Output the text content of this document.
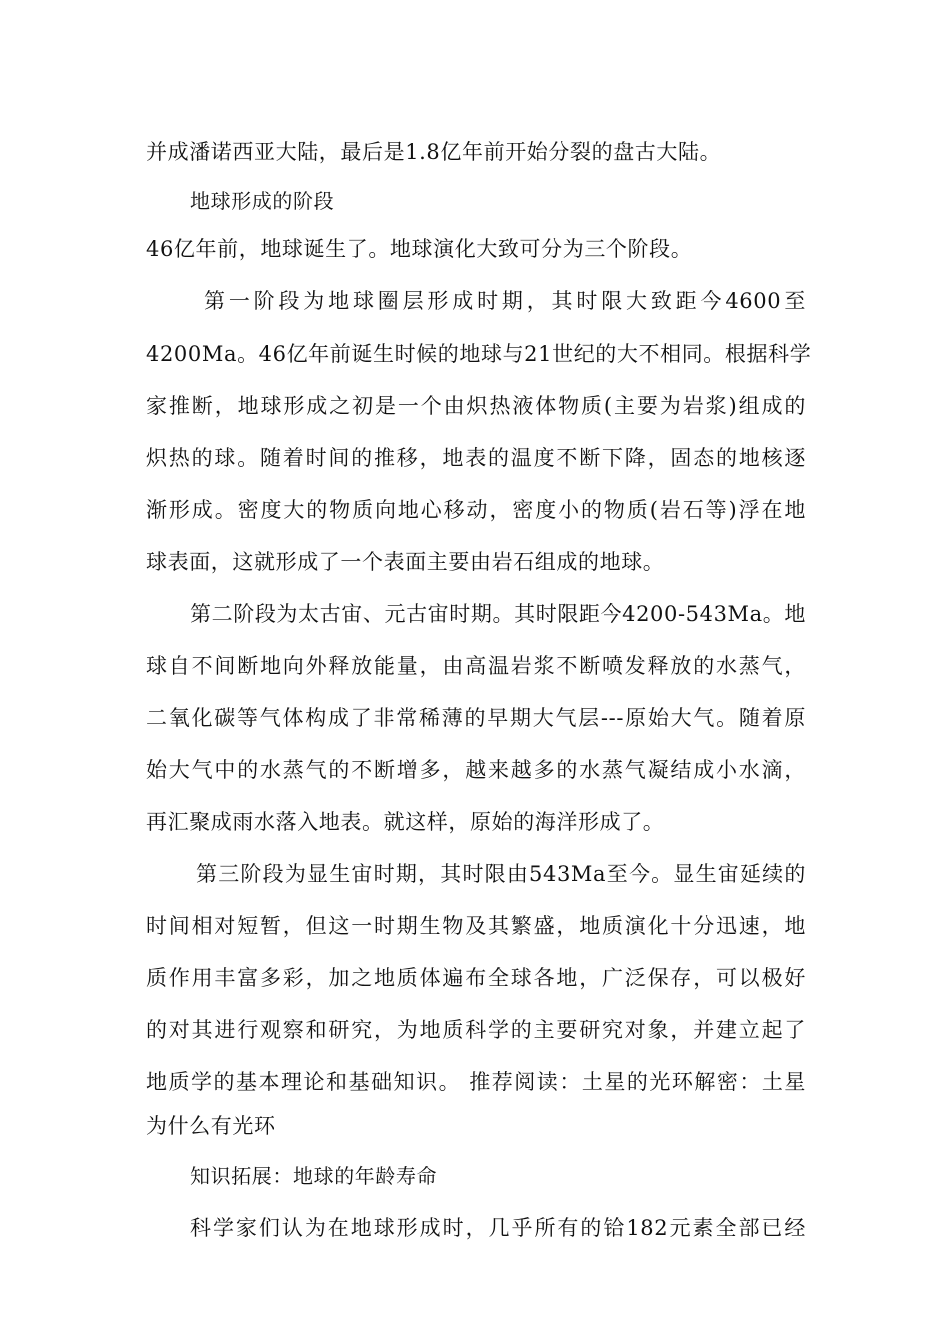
并成潘诺西亚大陆，最后是1.8亿年前开始分裂的盘古大陆。
地球形成的阶段
46亿年前，地球诞生了。地球演化大致可分为三个阶段。
第一阶段为地球圈层形成时期，其时限大致距今4600至
4200Ma。46亿年前诞生时候的地球与21世纪的大不相同。根据科学
家推断，地球形成之初是一个由炽热液体物质(主要为岩浆)组成的
炽热的球。随着时间的推移，地表的温度不断下降，固态的地核逐
渐形成。密度大的物质向地心移动，密度小的物质(岩石等)浮在地
球表面，这就形成了一个表面主要由岩石组成的地球。
第二阶段为太古宙、元古宙时期。其时限距今4200-543Ma。地
球自不间断地向外释放能量，由高温岩浆不断喷发释放的水蒸气，
二氧化碳等气体构成了非常稀薄的早期大气层---原始大气。随着原
始大气中的水蒸气的不断增多，越来越多的水蒸气凝结成小水滴，
再汇聚成雨水落入地表。就这样，原始的海洋形成了。
第三阶段为显生宙时期，其时限由543Ma至今。显生宙延续的
时间相对短暂，但这一时期生物及其繁盛，地质演化十分迅速，地
质作用丰富多彩，加之地质体遍布全球各地，广泛保存，可以极好
的对其进行观察和研究，为地质科学的主要研究对象，并建立起了
地质学的基本理论和基础知识。 推荐阅读：土星的光环解密：土星
为什么有光环
知识拓展：地球的年龄寿命
科学家们认为在地球形成时，几乎所有的铪182元素全部已经
